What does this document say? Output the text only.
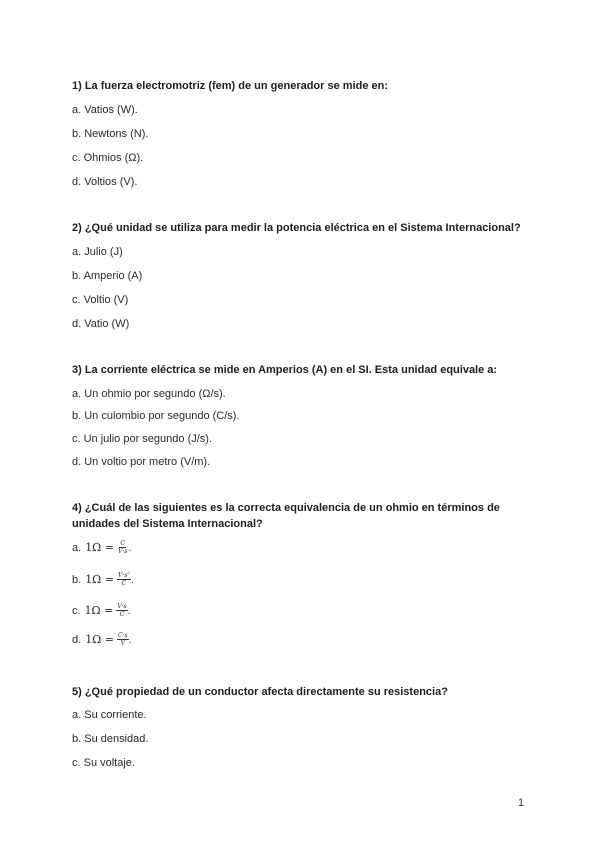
1) La fuerza electromotriz (fem) de un generador se mide en:
a. Vatios (W).
b. Newtons (N).
c. Ohmios (Ω).
d. Voltios (V).
2) ¿Qué unidad se utiliza para medir la potencia eléctrica en el Sistema Internacional?
a. Julio (J)
b. Amperio (A)
c. Voltio (V)
d. Vatio (W)
3) La corriente eléctrica se mide en Amperios (A) en el SI. Esta unidad equivale a:
a. Un ohmio por segundo (Ω/s).
b. Un culombio por segundo (C/s).
c. Un julio por segundo (J/s).
d. Un voltio por metro (V/m).
4) ¿Cuál de las siguientes es la correcta equivalencia de un ohmio en términos de unidades del Sistema Internacional?
a. $1\Omega = \frac{C}{V\cdot s}$ .
b. $1\Omega = \frac{V\cdot s^2}{C}$ .
c. $1\Omega = \frac{V\cdot s}{C}$ .
d. $1\Omega = \frac{C\cdot s}{V}$ .
5) ¿Qué propiedad de un conductor afecta directamente su resistencia?
a. Su corriente.
b. Su densidad.
c. Su voltaje.
1
